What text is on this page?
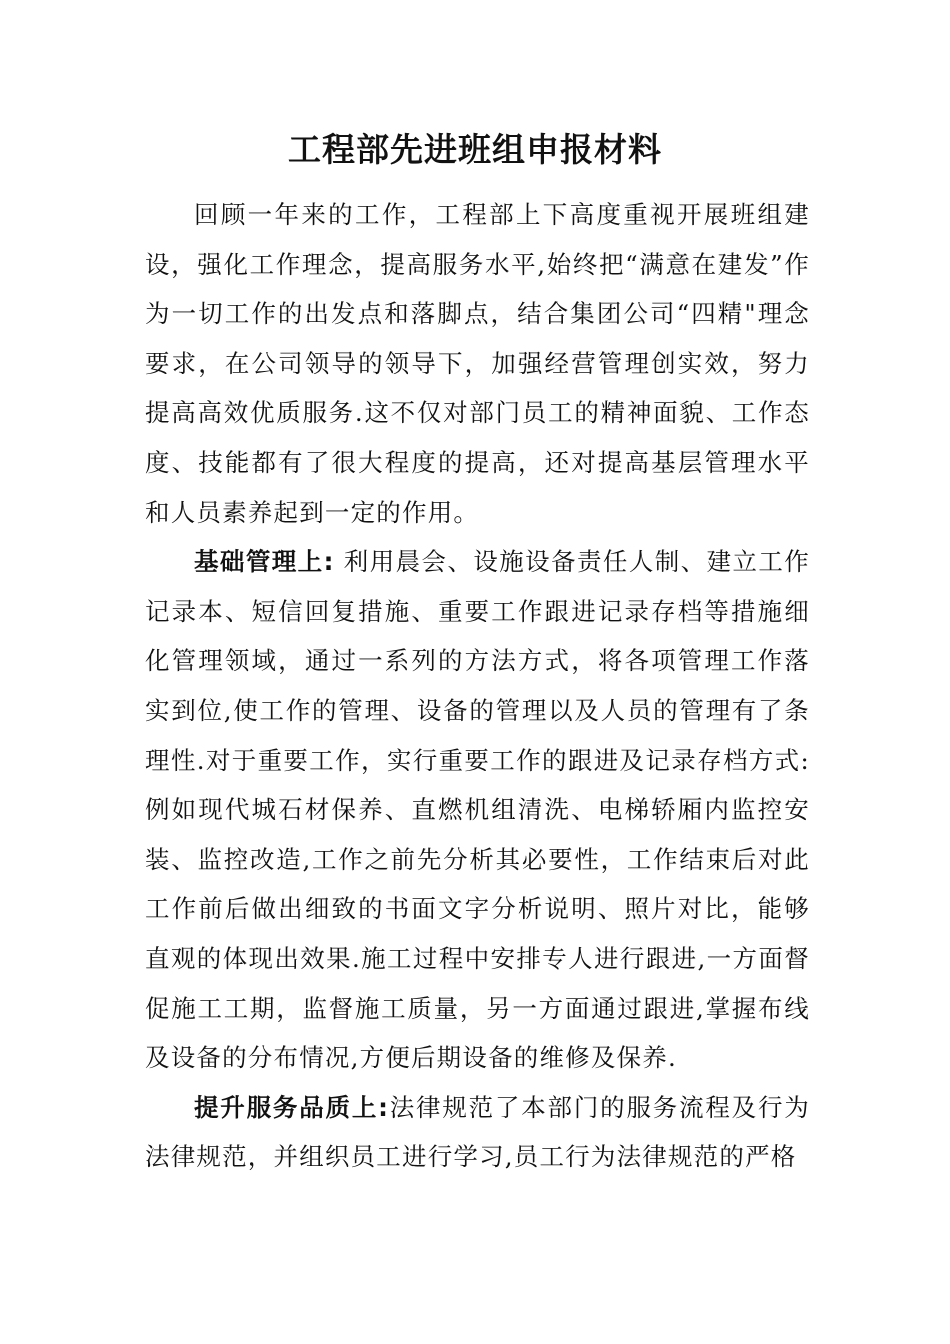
工程部先进班组申报材料

回顾一年来的工作，工程部上下高度重视开展班组建设，强化工作理念，提高服务水平,始终把“满意在建发”作为一切工作的出发点和落脚点，结合集团公司“四精"理念要求，在公司领导的领导下，加强经营管理创实效，努力提高高效优质服务.这不仅对部门员工的精神面貌、工作态度、技能都有了很大程度的提高，还对提高基层管理水平和人员素养起到一定的作用。

基础管理上: 利用晨会、设施设备责任人制、建立工作记录本、短信回复措施、重要工作跟进记录存档等措施细化管理领域，通过一系列的方法方式，将各项管理工作落实到位,使工作的管理、设备的管理以及人员的管理有了条理性.对于重要工作，实行重要工作的跟进及记录存档方式:例如现代城石材保养、直燃机组清洗、电梯轿厢内监控安装、监控改造,工作之前先分析其必要性，工作结束后对此工作前后做出细致的书面文字分析说明、照片对比，能够直观的体现出效果.施工过程中安排专人进行跟进,一方面督促施工工期，监督施工质量，另一方面通过跟进,掌握布线及设备的分布情况,方便后期设备的维修及保养.

提升服务品质上:法律规范了本部门的服务流程及行为法律规范，并组织员工进行学习,员工行为法律规范的严格
